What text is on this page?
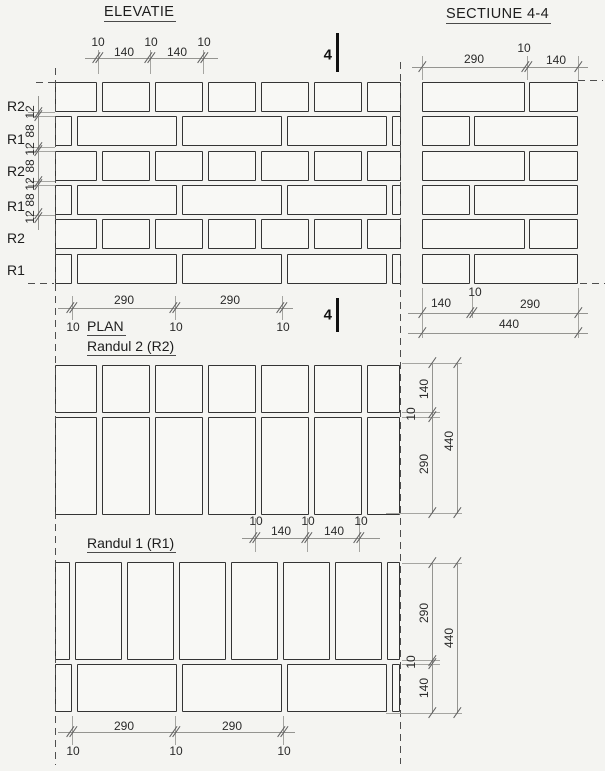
ELEVATIE	SECTIUNE 4-4
PLAN
Randul 2 (R2)
Randul 1 (R1)
10
140
10
140
10
12
88
12
88
12
88
12
290
10
140
290	290
10	10	10
140
10
290
440
10	10	10
140	140
140
10
290
440
290
10
140
440
290	290
10	10	10
R2
R1
R2
R1
R2
R1
4
4
